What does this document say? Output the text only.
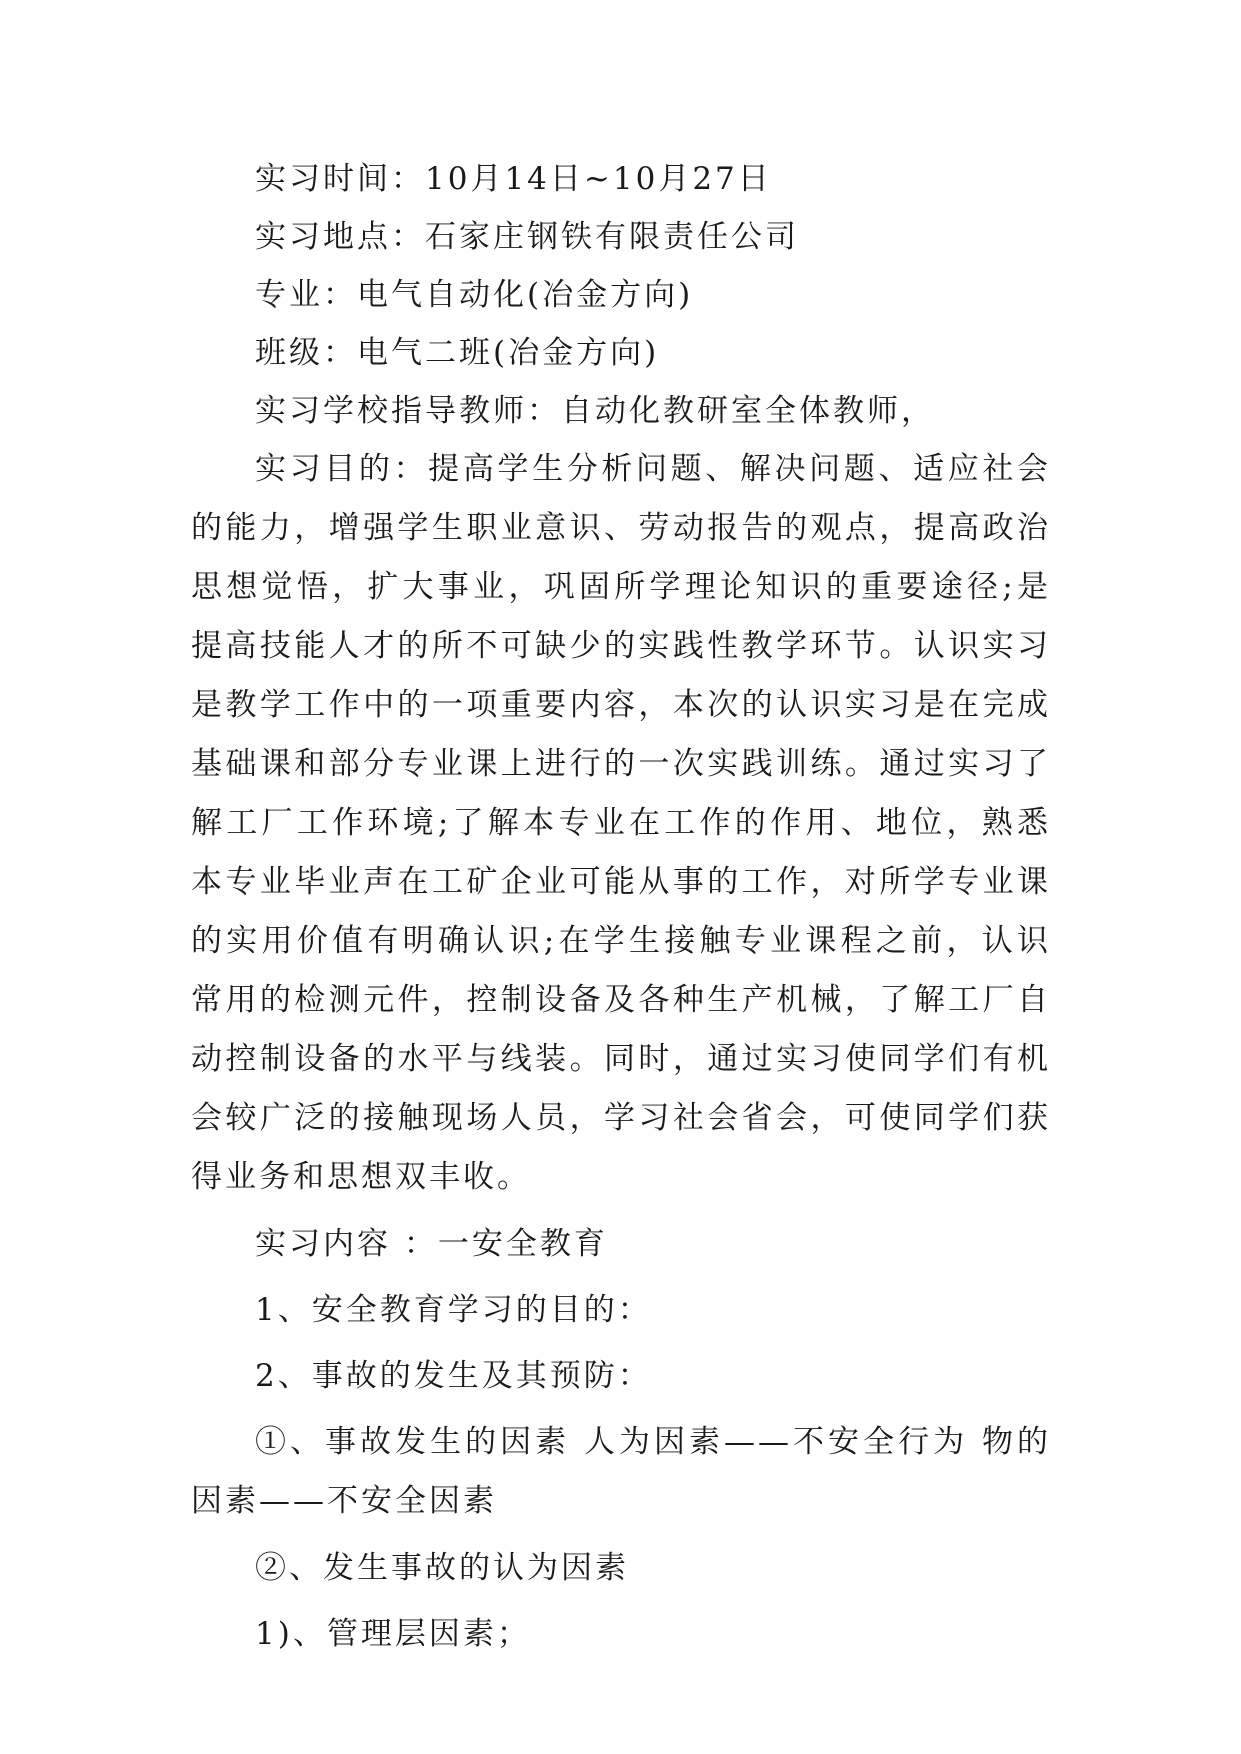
实习时间：10月14日~10月27日

实习地点：石家庄钢铁有限责任公司

专业：电气自动化(冶金方向)

班级：电气二班(冶金方向)

实习学校指导教师：自动化教研室全体教师，

实习目的：提高学生分析问题、解决问题、适应社会的能力，增强学生职业意识、劳动报告的观点，提高政治思想觉悟，扩大事业，巩固所学理论知识的重要途径;是提高技能人才的所不可缺少的实践性教学环节。认识实习是教学工作中的一项重要内容，本次的认识实习是在完成基础课和部分专业课上进行的一次实践训练。通过实习了解工厂工作环境;了解本专业在工作的作用、地位，熟悉本专业毕业声在工矿企业可能从事的工作，对所学专业课的实用价值有明确认识;在学生接触专业课程之前，认识常用的检测元件，控制设备及各种生产机械，了解工厂自动控制设备的水平与线装。同时，通过实习使同学们有机会较广泛的接触现场人员，学习社会省会，可使同学们获得业务和思想双丰收。

实习内容 ：一安全教育

1、安全教育学习的目的：

2、事故的发生及其预防：

①、事故发生的因素 人为因素——不安全行为 物的因素——不安全因素

②、发生事故的认为因素

1)、管理层因素；
